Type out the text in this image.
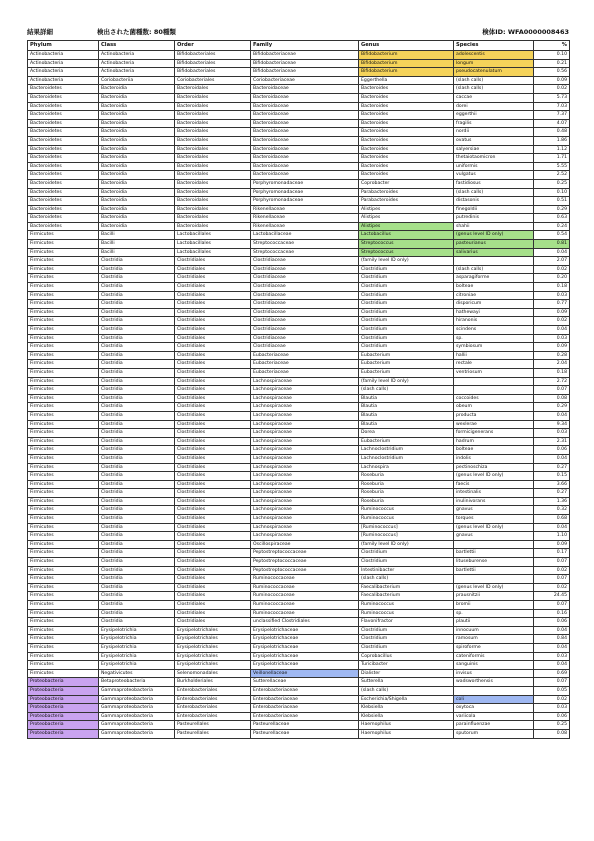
結果詳細	検出された菌種数: 80種類	検体ID: WFA0000008463
Phylum	Class	Order	Family	Genus	Species	%
Actinobacteria	Actinobacteria	Bifidobacteriales	Bifidobacteriaceae	Bifidobacterium	adolescentis	0.10
Actinobacteria	Actinobacteria	Bifidobacteriales	Bifidobacteriaceae	Bifidobacterium	longum	0.21
Actinobacteria	Actinobacteria	Bifidobacteriales	Bifidobacteriaceae	Bifidobacterium	pseudocatenulatum	0.56
Actinobacteria	Coriobacteriia	Coriobacteriales	Coriobacteriaceae	Eggerthella	(slash calls)	0.09
Bacteroidetes	Bacteroidia	Bacteroidales	Bacteroidaceae	Bacteroides	(slash calls)	0.02
Bacteroidetes	Bacteroidia	Bacteroidales	Bacteroidaceae	Bacteroides	caccae	5.73
Bacteroidetes	Bacteroidia	Bacteroidales	Bacteroidaceae	Bacteroides	dorei	7.03
Bacteroidetes	Bacteroidia	Bacteroidales	Bacteroidaceae	Bacteroides	eggerthii	7.37
Bacteroidetes	Bacteroidia	Bacteroidales	Bacteroidaceae	Bacteroides	fragilis	4.07
Bacteroidetes	Bacteroidia	Bacteroidales	Bacteroidaceae	Bacteroides	nordii	0.48
Bacteroidetes	Bacteroidia	Bacteroidales	Bacteroidaceae	Bacteroides	ovatus	1.86
Bacteroidetes	Bacteroidia	Bacteroidales	Bacteroidaceae	Bacteroides	salyersiae	1.12
Bacteroidetes	Bacteroidia	Bacteroidales	Bacteroidaceae	Bacteroides	thetaiotaomicron	1.71
Bacteroidetes	Bacteroidia	Bacteroidales	Bacteroidaceae	Bacteroides	uniformis	5.55
Bacteroidetes	Bacteroidia	Bacteroidales	Bacteroidaceae	Bacteroides	vulgatus	2.52
Bacteroidetes	Bacteroidia	Bacteroidales	Porphyromonadaceae	Coprobacter	fastidiosus	0.25
Bacteroidetes	Bacteroidia	Bacteroidales	Porphyromonadaceae	Parabacteroides	(slash calls)	0.10
Bacteroidetes	Bacteroidia	Bacteroidales	Porphyromonadaceae	Parabacteroides	distasonis	0.51
Bacteroidetes	Bacteroidia	Bacteroidales	Rikenellaceae	Alistipes	finegoldii	0.29
Bacteroidetes	Bacteroidia	Bacteroidales	Rikenellaceae	Alistipes	putredinis	0.63
Bacteroidetes	Bacteroidia	Bacteroidales	Rikenellaceae	Alistipes	shahii	0.24
Firmicutes	Bacilli	Lactobacillales	Lactobacillaceae	Lactobacillus	(genus level ID only)	0.54
Firmicutes	Bacilli	Lactobacillales	Streptococcaceae	Streptococcus	pasteurianus	0.81
Firmicutes	Bacilli	Lactobacillales	Streptococcaceae	Streptococcus	salivarius	0.04
Firmicutes	Clostridia	Clostridiales	Clostridiaceae	(family level ID only)		2.07
Firmicutes	Clostridia	Clostridiales	Clostridiaceae	Clostridium	(slash calls)	0.02
Firmicutes	Clostridia	Clostridiales	Clostridiaceae	Clostridium	asparagiforme	0.20
Firmicutes	Clostridia	Clostridiales	Clostridiaceae	Clostridium	bolteae	0.18
Firmicutes	Clostridia	Clostridiales	Clostridiaceae	Clostridium	citroniae	0.03
Firmicutes	Clostridia	Clostridiales	Clostridiaceae	Clostridium	disporicum	0.77
Firmicutes	Clostridia	Clostridiales	Clostridiaceae	Clostridium	hathewayi	0.09
Firmicutes	Clostridia	Clostridiales	Clostridiaceae	Clostridium	hiranonis	0.02
Firmicutes	Clostridia	Clostridiales	Clostridiaceae	Clostridium	scindens	0.04
Firmicutes	Clostridia	Clostridiales	Clostridiaceae	Clostridium	sp.	0.03
Firmicutes	Clostridia	Clostridiales	Clostridiaceae	Clostridium	symbiosum	0.09
Firmicutes	Clostridia	Clostridiales	Eubacteriaceae	Eubacterium	hallii	0.28
Firmicutes	Clostridia	Clostridiales	Eubacteriaceae	Eubacterium	rectale	2.04
Firmicutes	Clostridia	Clostridiales	Eubacteriaceae	Eubacterium	ventriosum	0.18
Firmicutes	Clostridia	Clostridiales	Lachnospiraceae	(family level ID only)		2.72
Firmicutes	Clostridia	Clostridiales	Lachnospiraceae	(slash calls)		0.07
Firmicutes	Clostridia	Clostridiales	Lachnospiraceae	Blautia	coccoides	0.08
Firmicutes	Clostridia	Clostridiales	Lachnospiraceae	Blautia	obeum	0.29
Firmicutes	Clostridia	Clostridiales	Lachnospiraceae	Blautia	producta	0.04
Firmicutes	Clostridia	Clostridiales	Lachnospiraceae	Blautia	wexlerae	9.34
Firmicutes	Clostridia	Clostridiales	Lachnospiraceae	Dorea	formicigenerans	0.03
Firmicutes	Clostridia	Clostridiales	Lachnospiraceae	Eubacterium	hadrum	2.31
Firmicutes	Clostridia	Clostridiales	Lachnospiraceae	Lachnoclostridium	bolteae	0.06
Firmicutes	Clostridia	Clostridiales	Lachnospiraceae	Lachnoclostridium	indolis	0.04
Firmicutes	Clostridia	Clostridiales	Lachnospiraceae	Lachnospira	pectinoschiza	0.27
Firmicutes	Clostridia	Clostridiales	Lachnospiraceae	Roseburia	(genus level ID only)	0.15
Firmicutes	Clostridia	Clostridiales	Lachnospiraceae	Roseburia	faecis	3.66
Firmicutes	Clostridia	Clostridiales	Lachnospiraceae	Roseburia	intestinalis	0.27
Firmicutes	Clostridia	Clostridiales	Lachnospiraceae	Roseburia	inulinivorans	1.36
Firmicutes	Clostridia	Clostridiales	Lachnospiraceae	Ruminococcus	gnavus	0.32
Firmicutes	Clostridia	Clostridiales	Lachnospiraceae	Ruminococcus	torques	0.68
Firmicutes	Clostridia	Clostridiales	Lachnospiraceae	[Ruminococcus]	(genus level ID only)	0.04
Firmicutes	Clostridia	Clostridiales	Lachnospiraceae	[Ruminococcus]	gnavus	1.10
Firmicutes	Clostridia	Clostridiales	Oscillospiraceae	(family level ID only)		0.09
Firmicutes	Clostridia	Clostridiales	Peptostreptococcaceae	Clostridium	bartlettii	0.17
Firmicutes	Clostridia	Clostridiales	Peptostreptococcaceae	Clostridium	lituseburense	0.07
Firmicutes	Clostridia	Clostridiales	Peptostreptococcaceae	Intestinibacter	bartlettii	0.02
Firmicutes	Clostridia	Clostridiales	Ruminococcaceae	(slash calls)		0.07
Firmicutes	Clostridia	Clostridiales	Ruminococcaceae	Faecalibacterium	(genus level ID only)	0.02
Firmicutes	Clostridia	Clostridiales	Ruminococcaceae	Faecalibacterium	prausnitzii	24.45
Firmicutes	Clostridia	Clostridiales	Ruminococcaceae	Ruminococcus	bromii	0.07
Firmicutes	Clostridia	Clostridiales	Ruminococcaceae	Ruminococcus	sp.	0.16
Firmicutes	Clostridia	Clostridiales	unclassified Clostridiales	Flavonifractor	plautii	0.06
Firmicutes	Erysipelotrichia	Erysipelotrichales	Erysipelotrichaceae	Clostridium	innocuum	0.04
Firmicutes	Erysipelotrichia	Erysipelotrichales	Erysipelotrichaceae	Clostridium	ramosum	0.84
Firmicutes	Erysipelotrichia	Erysipelotrichales	Erysipelotrichaceae	Clostridium	spiroforme	0.04
Firmicutes	Erysipelotrichia	Erysipelotrichales	Erysipelotrichaceae	Coprobacillus	cateniformis	0.03
Firmicutes	Erysipelotrichia	Erysipelotrichales	Erysipelotrichaceae	Turicibacter	sanguinis	0.04
Firmicutes	Negativicutes	Selenomonadales	Veillonellaceae	Dialister	invisus	0.69
Proteobacteria	Betaproteobacteria	Burkholderiales	Sutterellaceae	Sutterella	wadsworthensis	0.07
Proteobacteria	Gammaproteobacteria	Enterobacteriales	Enterobacteriaceae	(slash calls)		0.05
Proteobacteria	Gammaproteobacteria	Enterobacteriales	Enterobacteriaceae	Escherichia/Shigella	coli	0.02
Proteobacteria	Gammaproteobacteria	Enterobacteriales	Enterobacteriaceae	Klebsiella	oxytoca	0.03
Proteobacteria	Gammaproteobacteria	Enterobacteriales	Enterobacteriaceae	Klebsiella	variicola	0.06
Proteobacteria	Gammaproteobacteria	Pasteurellales	Pasteurellaceae	Haemophilus	parainfluenzae	0.25
Proteobacteria	Gammaproteobacteria	Pasteurellales	Pasteurellaceae	Haemophilus	sputorum	0.08
